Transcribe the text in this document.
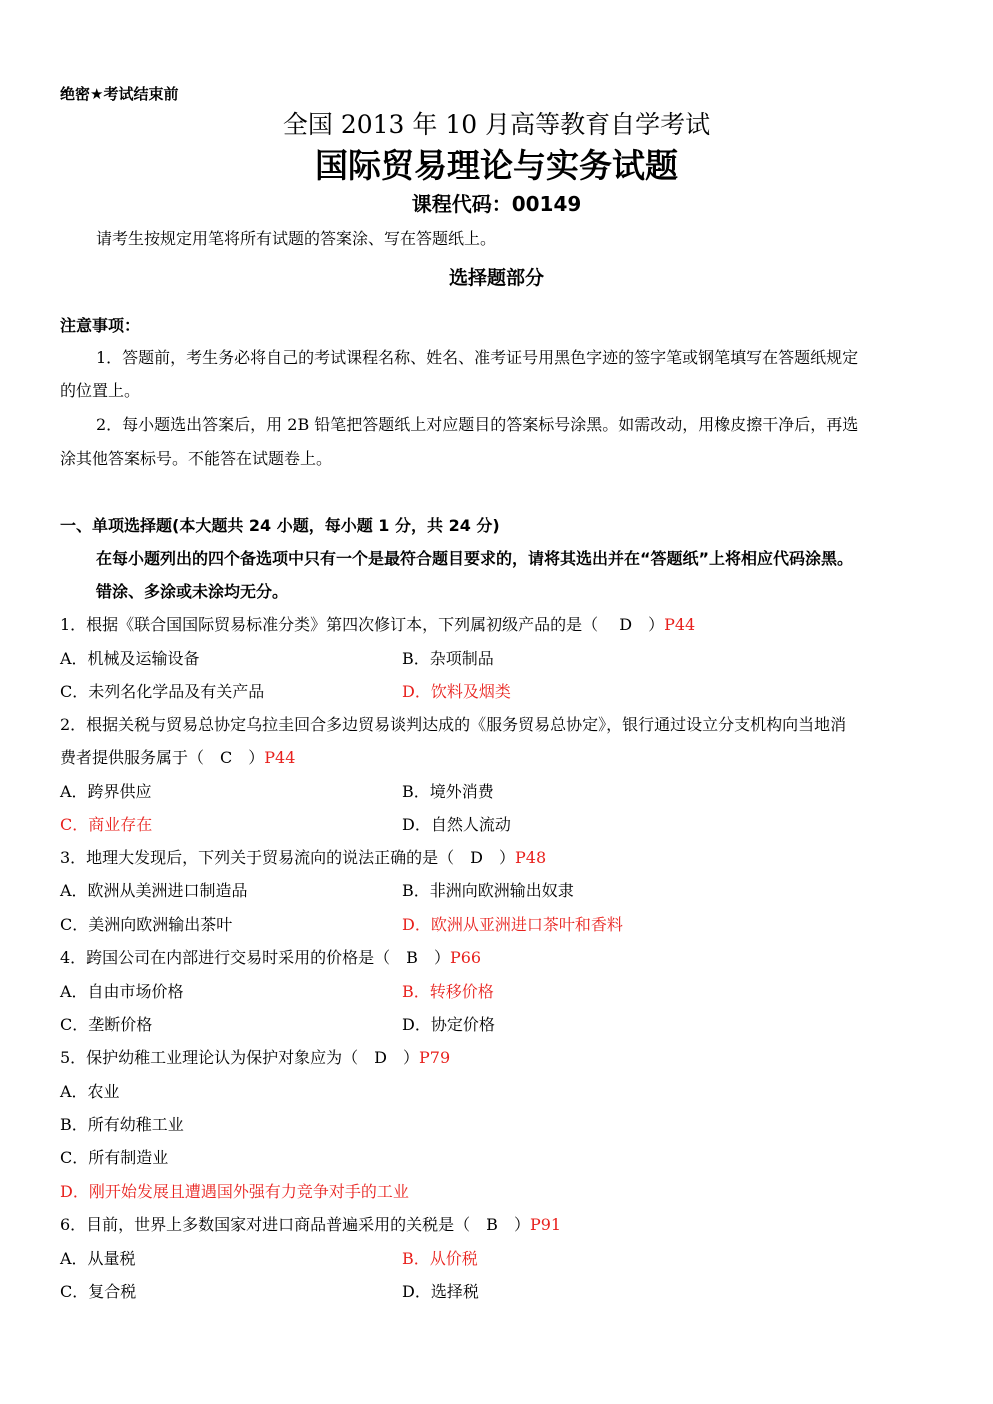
绝密★考试结束前
全国 2013 年 10 月高等教育自学考试
国际贸易理论与实务试题
课程代码：00149
请考生按规定用笔将所有试题的答案涂、写在答题纸上。
选择题部分
注意事项：
1．答题前，考生务必将自己的考试课程名称、姓名、准考证号用黑色字迹的签字笔或钢笔填写在答题纸规定
的位置上。
2．每小题选出答案后，用 2B 铅笔把答题纸上对应题目的答案标号涂黑。如需改动，用橡皮擦干净后，再选
涂其他答案标号。不能答在试题卷上。
一、单项选择题(本大题共 24 小题，每小题 1 分，共 24 分)
在每小题列出的四个备选项中只有一个是最符合题目要求的，请将其选出并在“答题纸”上将相应代码涂黑。
错涂、多涂或未涂均无分。
1．根据《联合国国际贸易标准分类》第四次修订本，下列属初级产品的是（　 D　）P44
A．机械及运输设备	B．杂项制品
C．未列名化学品及有关产品	D．饮料及烟类
2．根据关税与贸易总协定乌拉圭回合多边贸易谈判达成的《服务贸易总协定》，银行通过设立分支机构向当地消
费者提供服务属于（　C　）P44
A．跨界供应	B．境外消费
C．商业存在	D．自然人流动
3．地理大发现后，下列关于贸易流向的说法正确的是（　D　）P48
A．欧洲从美洲进口制造品	B．非洲向欧洲输出奴隶
C．美洲向欧洲输出茶叶	D．欧洲从亚洲进口茶叶和香料
4．跨国公司在内部进行交易时采用的价格是（　B　）P66
A．自由市场价格	B．转移价格
C．垄断价格	D．协定价格
5．保护幼稚工业理论认为保护对象应为（　D　）P79
A．农业
B．所有幼稚工业
C．所有制造业
D．刚开始发展且遭遇国外强有力竞争对手的工业
6．目前，世界上多数国家对进口商品普遍采用的关税是（　B　）P91
A．从量税	B．从价税
C．复合税	D．选择税
